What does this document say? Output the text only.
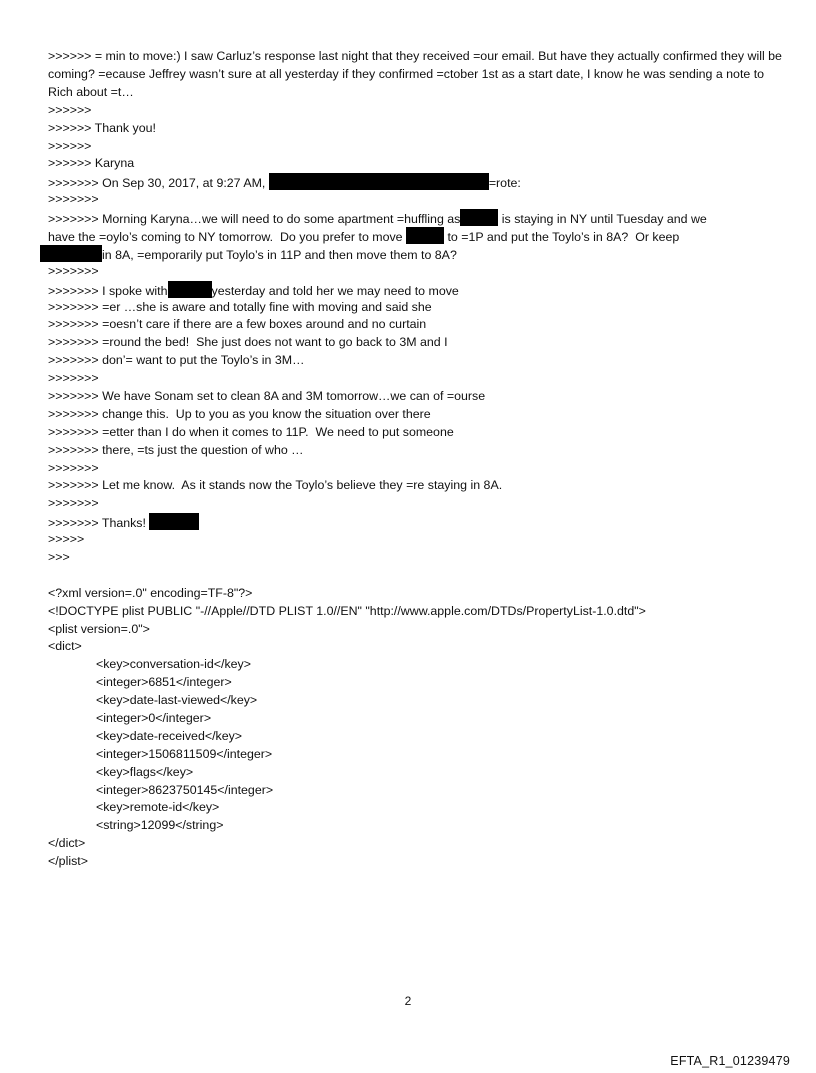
>>>>>> = min to move:) I saw Carluz’s response last night that they received =our email. But have they actually confirmed they will be coming? =ecause Jeffrey wasn’t sure at all yesterday if they confirmed =ctober 1st as a start date, I know he was sending a note to Rich about =t…
>>>>>>
>>>>>> Thank you!
>>>>>>
>>>>>> Karyna
>>>>>>> On Sep 30, 2017, at 9:27 AM,	=rote:
>>>>>>>
>>>>>>> Morning Karyna…we will need to do some apartment =huffling as	is staying in NY until Tuesday and we
have the =oylo’s coming to NY tomorrow.  Do you prefer to move	to =1P and put the Toylo’s in 8A?  Or keep
in 8A, =emporarily put Toylo’s in 11P and then move them to 8A?
>>>>>>>
>>>>>>> I spoke with	yesterday and told her we may need to move
>>>>>>> =er …she is aware and totally fine with moving and said she
>>>>>>> =oesn’t care if there are a few boxes around and no curtain
>>>>>>> =round the bed!  She just does not want to go back to 3M and I
>>>>>>> don’= want to put the Toylo’s in 3M…
>>>>>>>
>>>>>>> We have Sonam set to clean 8A and 3M tomorrow…we can of =ourse
>>>>>>> change this.  Up to you as you know the situation over there
>>>>>>> =etter than I do when it comes to 11P.  We need to put someone
>>>>>>> there, =ts just the question of who …
>>>>>>>
>>>>>>> Let me know.  As it stands now the Toylo’s believe they =re staying in 8A.
>>>>>>>
>>>>>>> Thanks!
>>>>>
>>>
<?xml version=.0" encoding=TF-8"?>
<!DOCTYPE plist PUBLIC "-//Apple//DTD PLIST 1.0//EN" "http://www.apple.com/DTDs/PropertyList-1.0.dtd">
<plist version=.0">
<dict>
<key>conversation-id</key>
<integer>6851</integer>
<key>date-last-viewed</key>
<integer>0</integer>
<key>date-received</key>
<integer>1506811509</integer>
<key>flags</key>
<integer>8623750145</integer>
<key>remote-id</key>
<string>12099</string>
</dict>
</plist>
2
EFTA_R1_01239479
